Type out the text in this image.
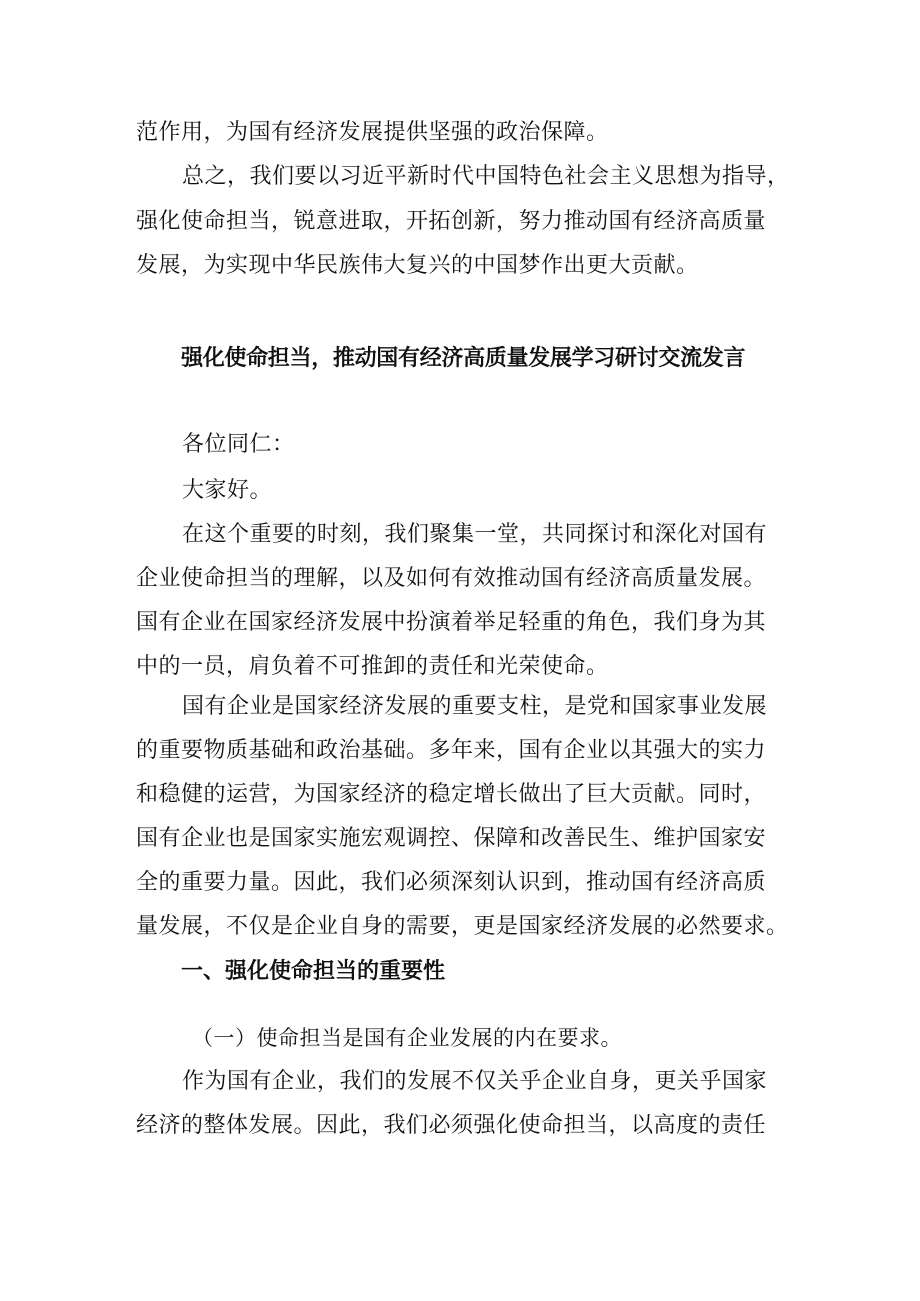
范作用，为国有经济发展提供坚强的政治保障。

总之，我们要以习近平新时代中国特色社会主义思想为指导，

强化使命担当，锐意进取，开拓创新，努力推动国有经济高质量

发展，为实现中华民族伟大复兴的中国梦作出更大贡献。

强化使命担当，推动国有经济高质量发展学习研讨交流发言

各位同仁：

大家好。

在这个重要的时刻，我们聚集一堂，共同探讨和深化对国有

企业使命担当的理解，以及如何有效推动国有经济高质量发展。

国有企业在国家经济发展中扮演着举足轻重的角色，我们身为其

中的一员，肩负着不可推卸的责任和光荣使命。

国有企业是国家经济发展的重要支柱，是党和国家事业发展

的重要物质基础和政治基础。多年来，国有企业以其强大的实力

和稳健的运营，为国家经济的稳定增长做出了巨大贡献。同时，

国有企业也是国家实施宏观调控、保障和改善民生、维护国家安

全的重要力量。因此，我们必须深刻认识到，推动国有经济高质

量发展，不仅是企业自身的需要，更是国家经济发展的必然要求。

一、强化使命担当的重要性

（一）使命担当是国有企业发展的内在要求。

作为国有企业，我们的发展不仅关乎企业自身，更关乎国家

经济的整体发展。因此，我们必须强化使命担当，以高度的责任
